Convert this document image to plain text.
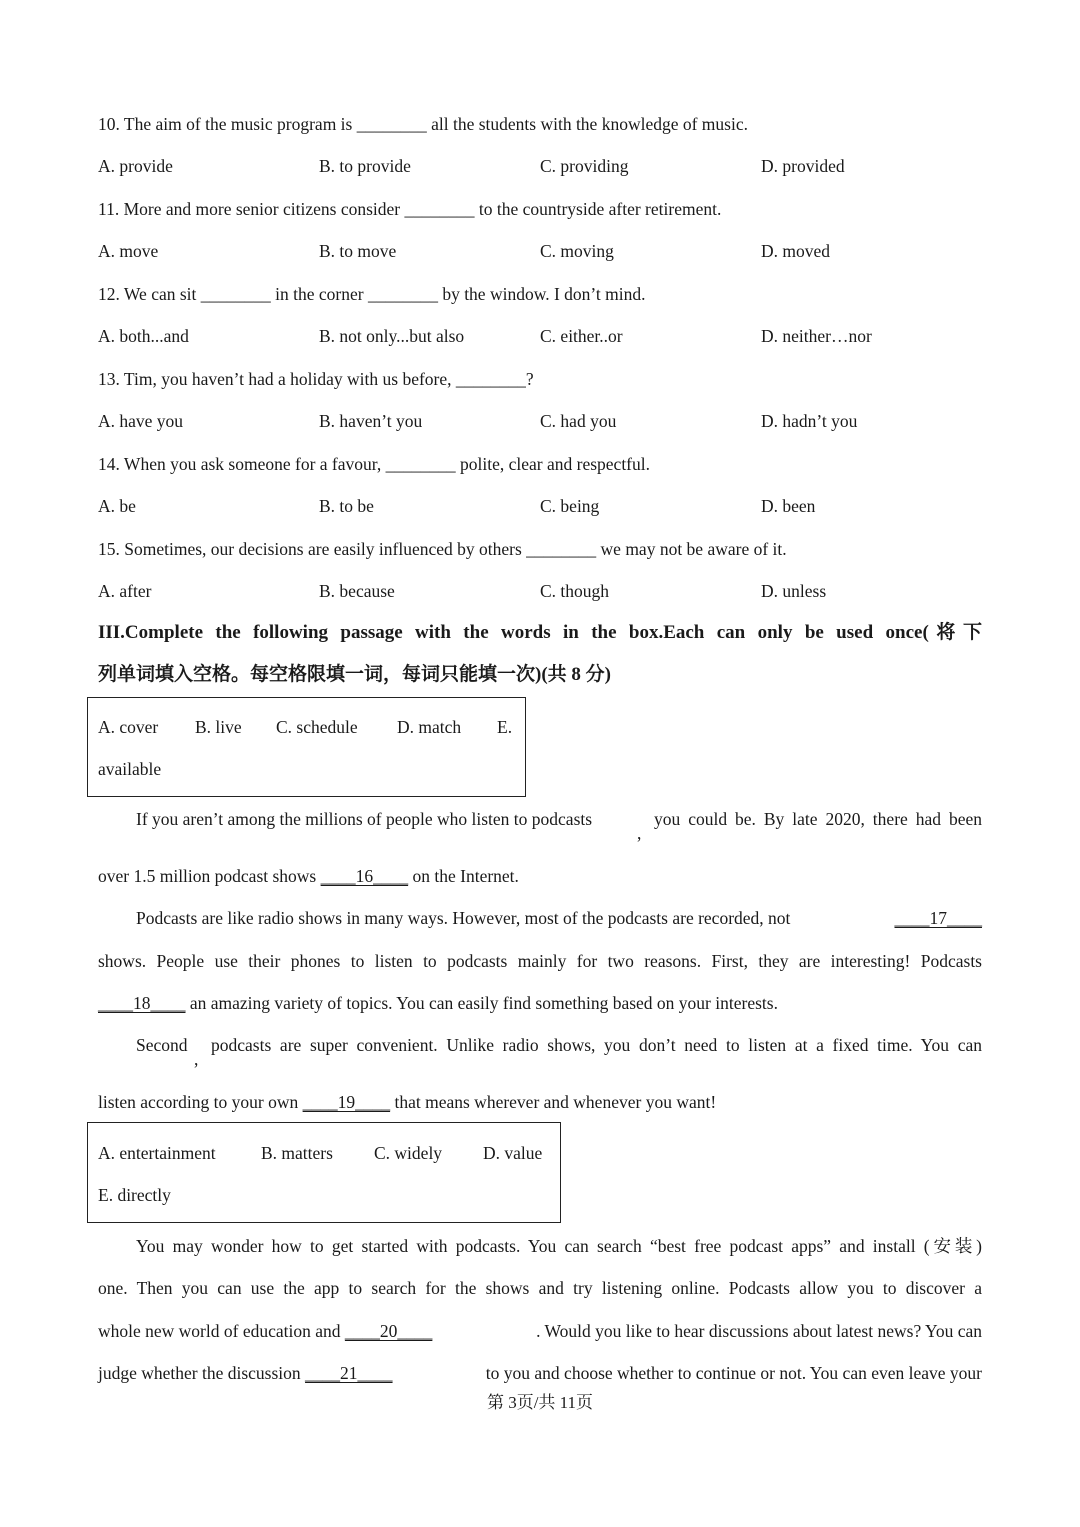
10. The aim of the music program is ________ all the students with the knowledge of music.
A. provide	B. to provide	C. providing	D. provided
11. More and more senior citizens consider ________ to the countryside after retirement.
A. move	B. to move	C. moving	D. moved
12. We can sit ________ in the corner ________ by the window. I don’t mind.
A. both...and	B. not only...but also	C. either..or	D. neither…nor
13. Tim, you haven’t had a holiday with us before, ________?
A. have you	B. haven’t you	C. had you	D. hadn’t you
14. When you ask someone for a favour, ________ polite, clear and respectful.
A. be	B. to be	C. being	D. been
15. Sometimes, our decisions are easily influenced by others ________ we may not be aware of it.
A. after	B. because	C. though	D. unless
III.Complete the following passage with the words in the box.Each can only be used once(将下
列单词填入空格。每空格限填一词，每词只能填一次)(共 8 分)
A. cover B. live C. schedule D. match E.
available
If you aren’t among the millions of people who listen to podcasts
,
you could be. By late 2020, there had been
over 1.5 million podcast shows ____16____ on the Internet.
Podcasts are like radio shows in many ways. However, most of the podcasts are recorded, not	____17____
shows. People use their phones to listen to podcasts mainly for two reasons. First, they are interesting! Podcasts
____18____ an amazing variety of topics. You can easily find something based on your interests.
Second
,
podcasts are super convenient. Unlike radio shows, you don’t need to listen at a fixed time. You can
listen according to your own ____19____ that means wherever and whenever you want!
A. entertainment	B. matters C. widely D. value
E. directly
You may wonder how to get started with podcasts. You can search “best free podcast apps” and install (安装)
one. Then you can use the app to search for the shows and try listening online. Podcasts allow you to discover a
whole new world of education and ____20____	. Would you like to hear discussions about latest news? You can
judge whether the discussion ____21____	to you and choose whether to continue or not. You can even leave your
第 3页/共 11页
